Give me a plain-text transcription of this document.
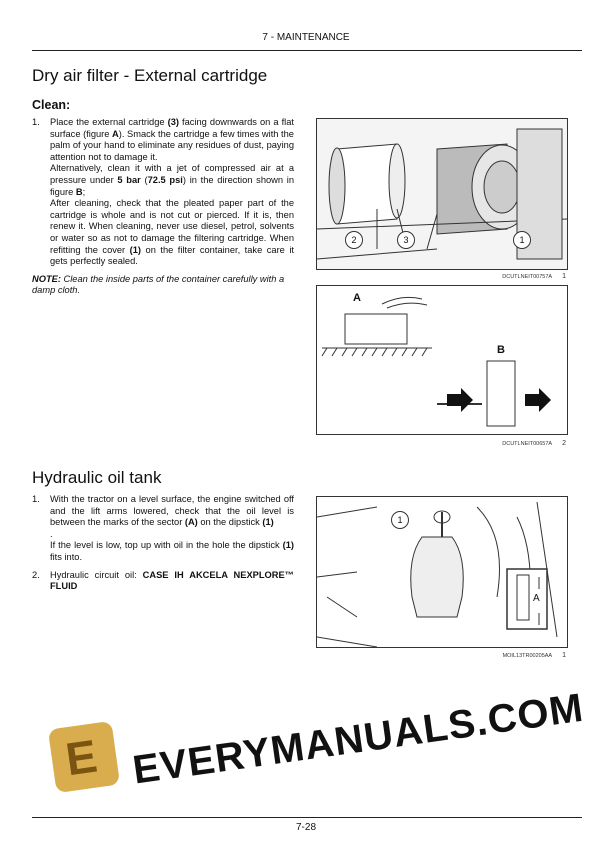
7 - MAINTENANCE
Dry air filter - External cartridge
Clean:
1.	Place the external cartridge (3) facing downwards on a flat surface (figure A). Smack the cartridge a few times with the palm of your hand to eliminate any residues of dust, paying attention not to damage it.
Alternatively, clean it with a jet of compressed air at a pressure under 5 bar (72.5 psi) in the direction shown in figure B;
After cleaning, check that the pleated paper part of the cartridge is whole and is not cut or pierced. If it is, then renew it. When cleaning, never use diesel, petrol, solvents or water so as not to damage the filtering cartridge. When refitting the cover (1) on the filter container, take care it gets perfectly sealed.
NOTE: Clean the inside parts of the container carefully with a damp cloth.
2	3	1
DCUTLNEIT00757A 1
A
B
DCUTLNEIT00657A 2
Hydraulic oil tank
1.	With the tractor on a level surface, the engine switched off and the lift arms lowered, check that the oil level is between the marks of the sector (A) on the dipstick (1)
.
If the level is low, top up with oil in the hole the dipstick (1) fits into.
2.	Hydraulic circuit oil: CASE IH AKCELA NEXPLORE™ FLUID
1
A
MOIL13TR00205AA 1
E EVERYMANUALS.COM
7-28
